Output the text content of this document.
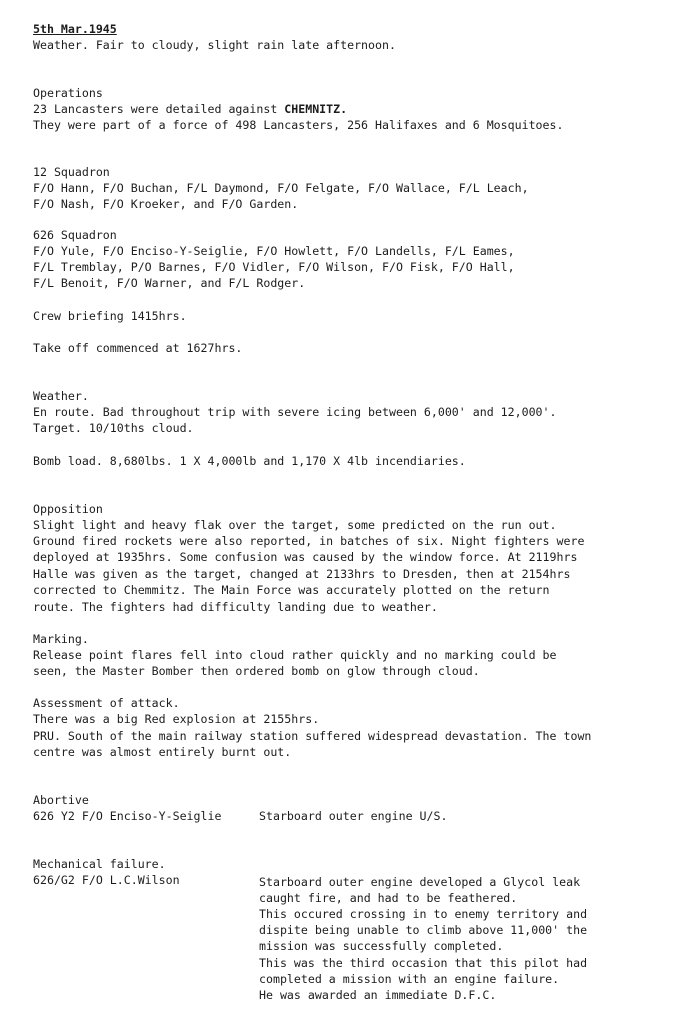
5th Mar.1945
Weather. Fair to cloudy, slight rain late afternoon.
Operations
23 Lancasters were detailed against CHEMNITZ.
They were part of a force of 498 Lancasters, 256 Halifaxes and 6 Mosquitoes.
12 Squadron
F/O Hann, F/O Buchan, F/L Daymond, F/O Felgate, F/O Wallace, F/L Leach,
F/O Nash, F/O Kroeker, and F/O Garden.
626 Squadron
F/O Yule, F/O Enciso-Y-Seiglie, F/O Howlett, F/O Landells, F/L Eames,
F/L Tremblay, P/O Barnes, F/O Vidler, F/O Wilson, F/O Fisk, F/O Hall,
F/L Benoit, F/O Warner, and F/L Rodger.
Crew briefing 1415hrs.
Take off commenced at 1627hrs.
Weather.
En route. Bad throughout trip with severe icing between 6,000' and 12,000'.
Target. 10/10ths cloud.
Bomb load. 8,680lbs. 1 X 4,000lb and 1,170 X 4lb incendiaries.
Opposition
Slight light and heavy flak over the target, some predicted on the run out.
Ground fired rockets were also reported, in batches of six. Night fighters were
deployed at 1935hrs. Some confusion was caused by the window force. At 2119hrs
Halle was given as the target, changed at 2133hrs to Dresden, then at 2154hrs
corrected to Chemmitz. The Main Force was accurately plotted on the return
route. The fighters had difficulty landing due to weather.
Marking.
Release point flares fell into cloud rather quickly and no marking could be
seen, the Master Bomber then ordered bomb on glow through cloud.
Assessment of attack.
There was a big Red explosion at 2155hrs.
PRU. South of the main railway station suffered widespread devastation. The town
centre was almost entirely burnt out.
Abortive
626 Y2 F/O Enciso-Y-Seiglie	Starboard outer engine U/S.
Mechanical failure.
626/G2 F/O L.C.Wilson	Starboard outer engine developed a Glycol leak
caught fire, and had to be feathered.
This occured crossing in to enemy territory and
dispite being unable to climb above 11,000' the
mission was successfully completed.
This was the third occasion that this pilot had
completed a mission with an engine failure.
He was awarded an immediate D.F.C.
